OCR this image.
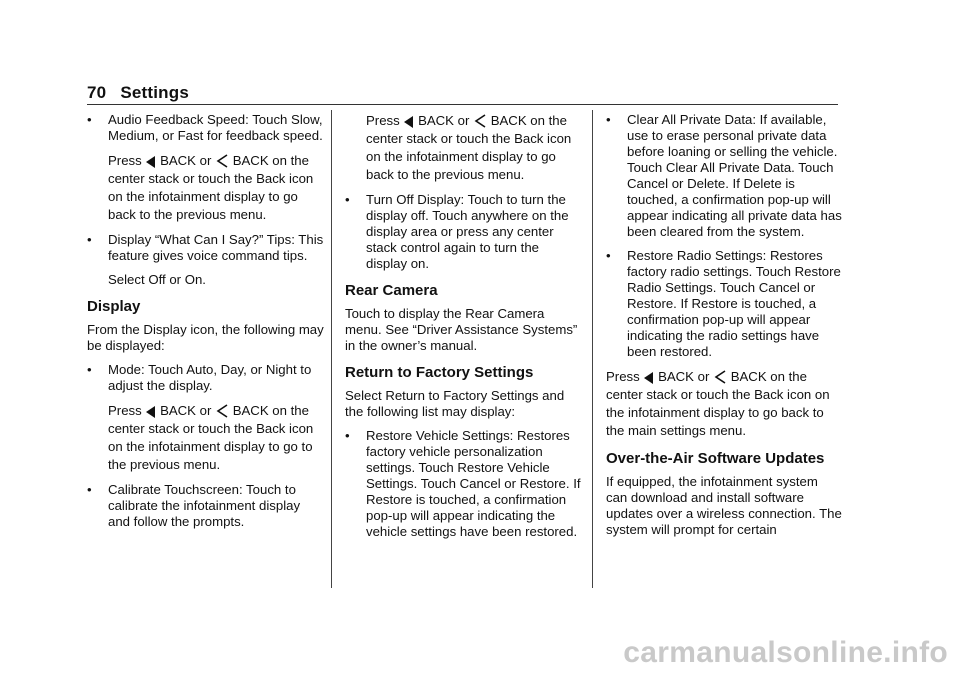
70 Settings
• Audio Feedback Speed: Touch Slow, Medium, or Fast for feedback speed.
Press BACK or BACK on the center stack or touch the Back icon on the infotainment display to go back to the previous menu.
• Display “What Can I Say?” Tips: This feature gives voice command tips.
Select Off or On.
Display
From the Display icon, the following may be displayed:
• Mode: Touch Auto, Day, or Night to adjust the display.
Press BACK or BACK on the center stack or touch the Back icon on the infotainment display to go to the previous menu.
• Calibrate Touchscreen: Touch to calibrate the infotainment display and follow the prompts.
Press BACK or BACK on the center stack or touch the Back icon on the infotainment display to go back to the previous menu.
• Turn Off Display: Touch to turn the display off. Touch anywhere on the display area or press any center stack control again to turn the display on.
Rear Camera
Touch to display the Rear Camera menu. See “Driver Assistance Systems” in the owner’s manual.
Return to Factory Settings
Select Return to Factory Settings and the following list may display:
• Restore Vehicle Settings: Restores factory vehicle personalization settings. Touch Restore Vehicle Settings. Touch Cancel or Restore. If Restore is touched, a confirmation pop-up will appear indicating the vehicle settings have been restored.
• Clear All Private Data: If available, use to erase personal private data before loaning or selling the vehicle. Touch Clear All Private Data. Touch Cancel or Delete. If Delete is touched, a confirmation pop-up will appear indicating all private data has been cleared from the system.
• Restore Radio Settings: Restores factory radio settings. Touch Restore Radio Settings. Touch Cancel or Restore. If Restore is touched, a confirmation pop-up will appear indicating the radio settings have been restored.
Press BACK or BACK on the center stack or touch the Back icon on the infotainment display to go back to the main settings menu.
Over-the-Air Software Updates
If equipped, the infotainment system can download and install software updates over a wireless connection. The system will prompt for certain
carmanualsonline.info
